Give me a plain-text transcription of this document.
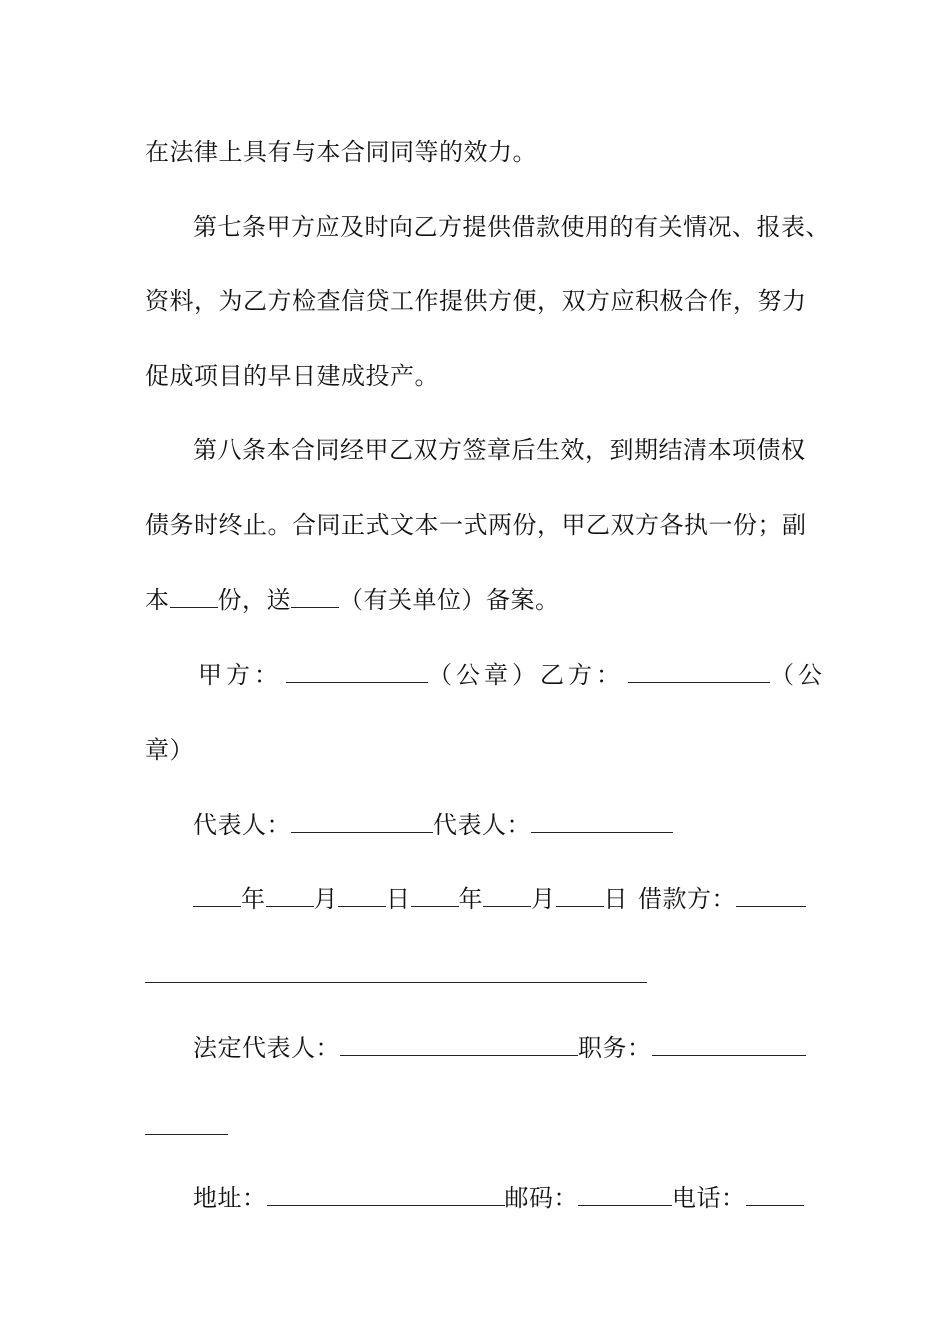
在法律上具有与本合同同等的效力。
第七条甲方应及时向乙方提供借款使用的有关情况、报表、
资料，为乙方检查信贷工作提供方便，双方应积极合作，努力
促成项目的早日建成投产。
第八条本合同经甲乙双方签章后生效，到期结清本项债权
债务时终止。合同正式文本一式两份，甲乙双方各执一份；副
本 份，送 （有关单位）备案。
甲方：	（公章）乙方：	（公
章）
代表人：	代表人：
年 月 日 年 月 日 借款方：
法定代表人：	职务：
地址：	邮码：	电话：
